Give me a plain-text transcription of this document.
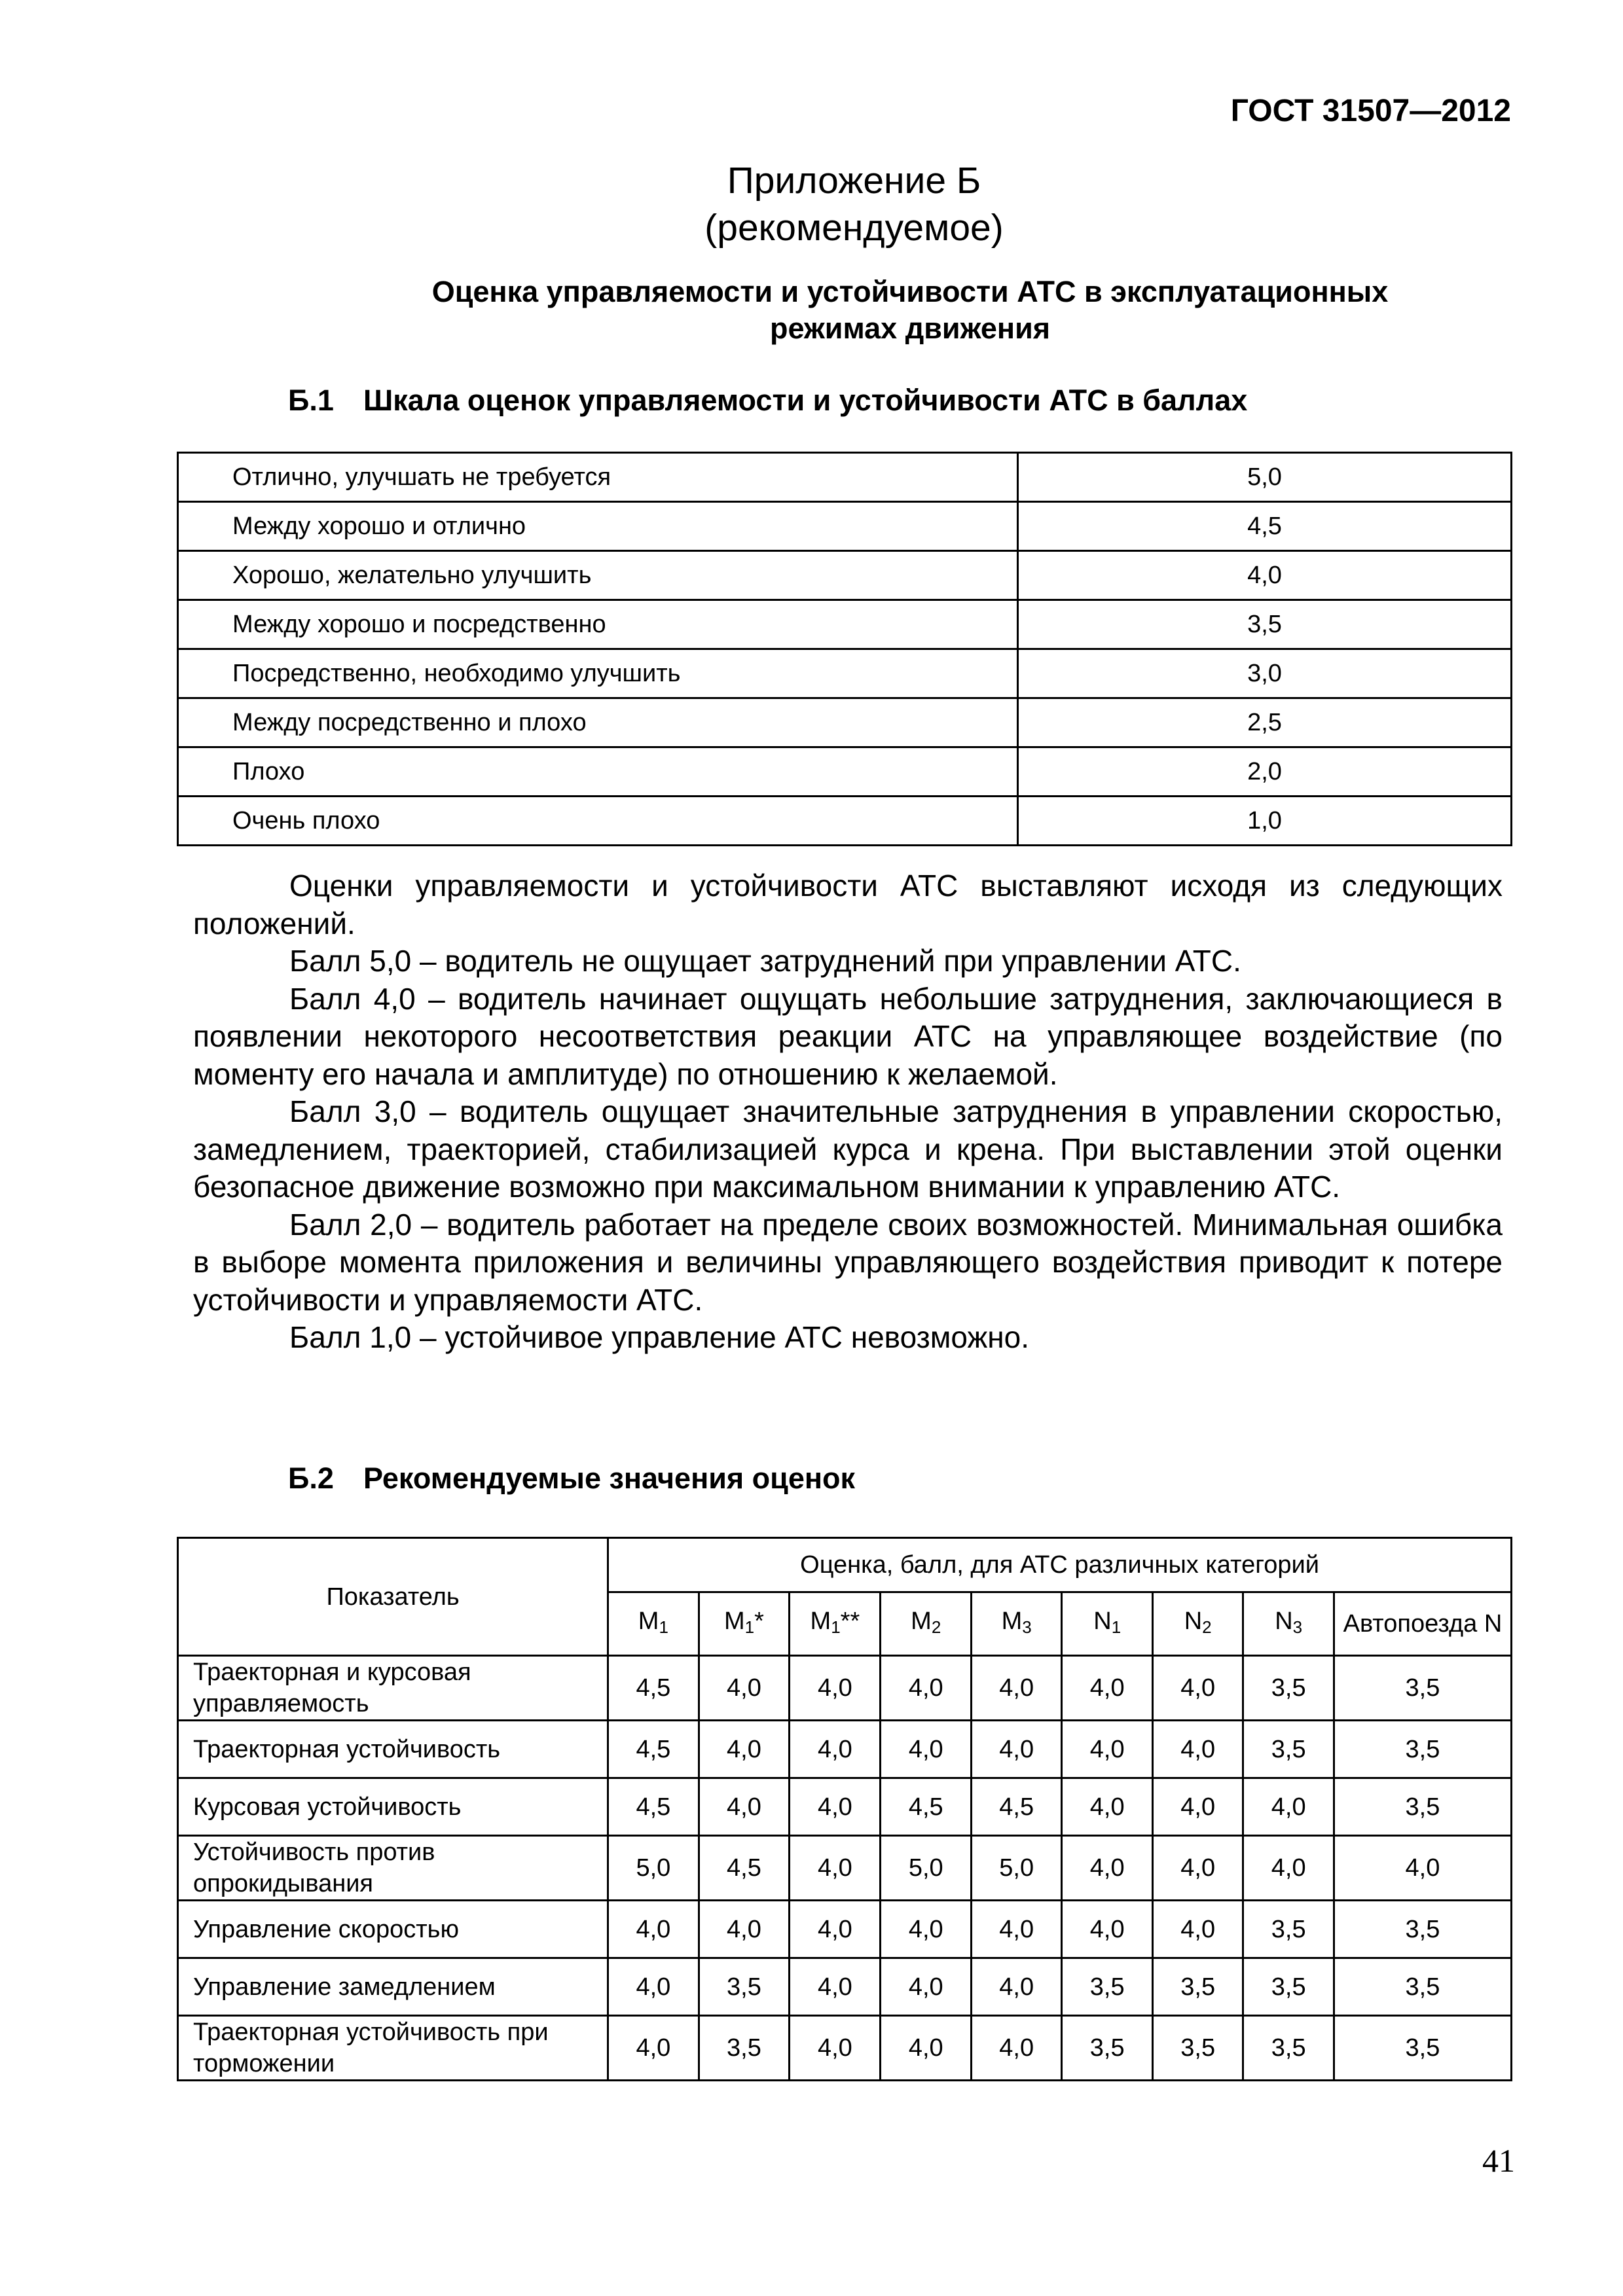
ГОСТ 31507—2012
Приложение Б
(рекомендуемое)
Оценка управляемости и устойчивости АТС в эксплуатационных
режимах движения
Б.1 Шкала оценок управляемости и устойчивости АТС в баллах
Отлично, улучшать не требуется	5,0
Между хорошо и отлично	4,5
Хорошо, желательно улучшить	4,0
Между хорошо и посредственно	3,5
Посредственно, необходимо улучшить	3,0
Между посредственно и плохо	2,5
Плохо	2,0
Очень плохо	1,0

Оценки управляемости и устойчивости АТС выставляют исходя из следующих положений.

Балл 5,0 – водитель не ощущает затруднений при управлении АТС.

Балл 4,0 – водитель начинает ощущать небольшие затруднения, заключающиеся в появлении некоторого несоответствия реакции АТС на управляющее воздействие (по моменту его начала и амплитуде) по отношению к желаемой.

Балл 3,0 – водитель ощущает значительные затруднения в управлении скоростью, замедлением, траекторией, стабилизацией курса и крена. При выставлении этой оценки безопасное движение возможно при максимальном внимании к управлению АТС.

Балл 2,0 – водитель работает на пределе своих возможностей. Минимальная ошибка в выборе момента приложения и величины управляющего воздействия приводит к потере устойчивости и управляемости АТС.

Балл 1,0 – устойчивое управление АТС невозможно.

Б.2 Рекомендуемые значения оценок
Показатель	Оценка, балл, для АТС различных категорий								
	$M_1$	$M_1*$	$M_1**$	$M_2$	$M_3$	$N_1$	$N_2$	$N_3$	Автопоезда N
Траекторная и курсовая управляемость	4,5	4,0	4,0	4,0	4,0	4,0	4,0	3,5	3,5
Траекторная устойчивость	4,5	4,0	4,0	4,0	4,0	4,0	4,0	3,5	3,5
Курсовая устойчивость	4,5	4,0	4,0	4,5	4,5	4,0	4,0	4,0	3,5
Устойчивость против опрокидывания	5,0	4,5	4,0	5,0	5,0	4,0	4,0	4,0	4,0
Управление скоростью	4,0	4,0	4,0	4,0	4,0	4,0	4,0	3,5	3,5
Управление замедлением	4,0	3,5	4,0	4,0	4,0	3,5	3,5	3,5	3,5
Траекторная устойчивость при торможении	4,0	3,5	4,0	4,0	4,0	3,5	3,5	3,5	3,5
41
